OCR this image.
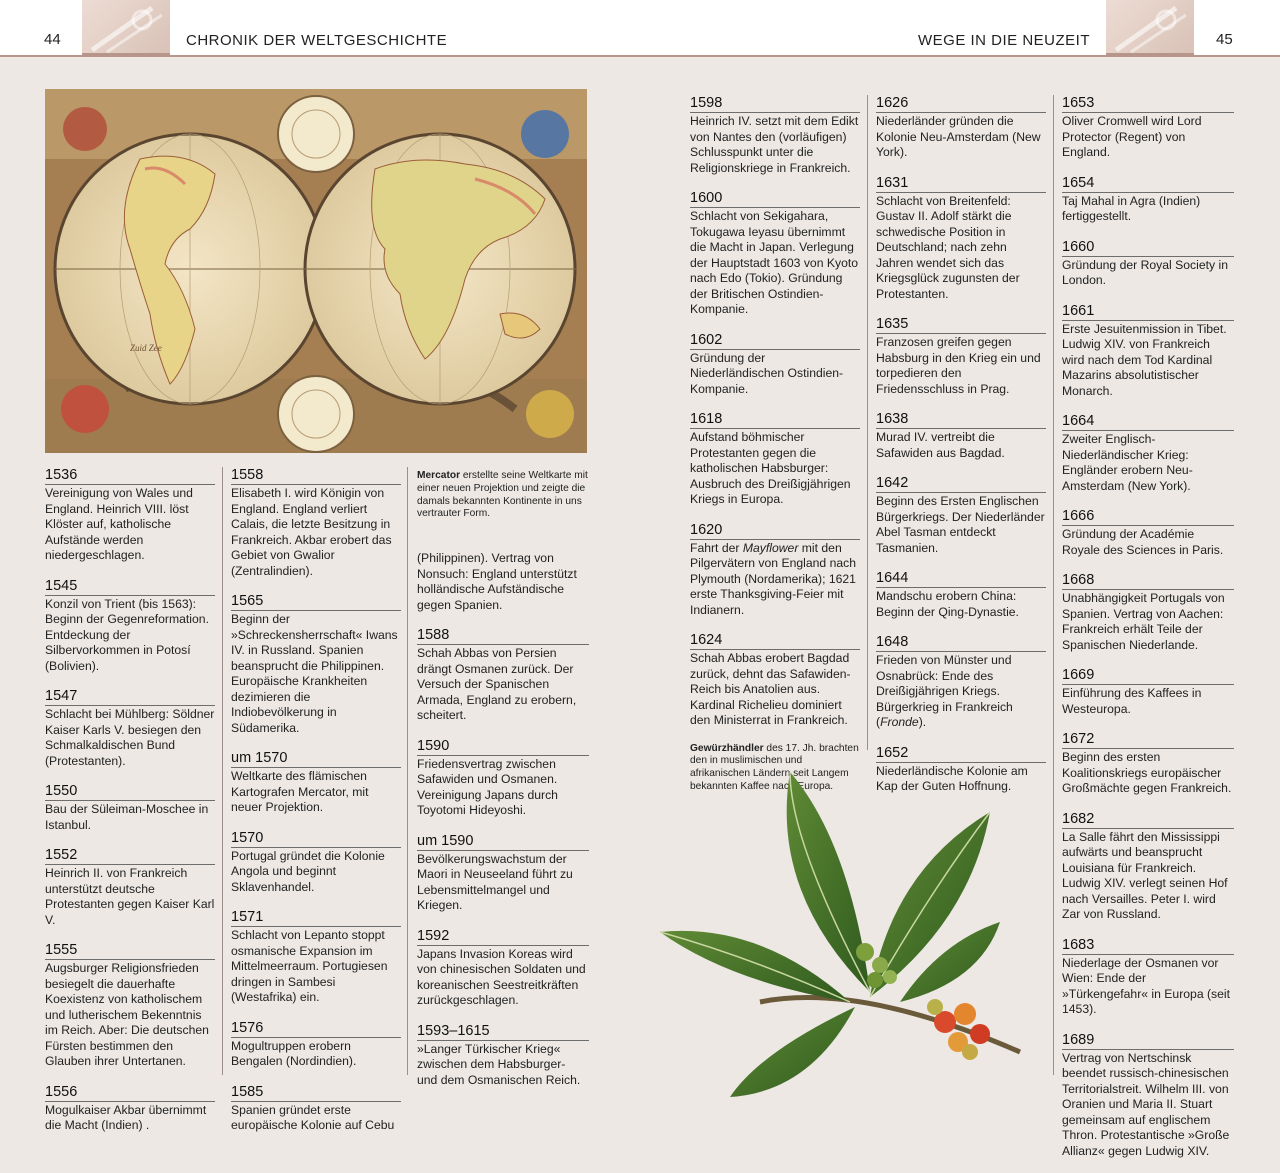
44	CHRONIK DER WELTGESCHICHTE	WEGE IN DIE NEUZEIT	45
Zuid Zee
1536
Vereinigung von Wales und England. Heinrich VIII. löst Klöster auf, katholische Aufstände werden niedergeschlagen.
1545
Konzil von Trient (bis 1563): Beginn der Gegenreformation. Entdeckung der Silbervorkommen in Potosí (Bolivien).
1547
Schlacht bei Mühlberg: Söldner Kaiser Karls V. besiegen den Schmalkaldischen Bund (Protestanten).
1550
Bau der Süleiman-Moschee in Istanbul.
1552
Heinrich II. von Frankreich unterstützt deutsche Protestanten gegen Kaiser Karl V.
1555
Augsburger Religionsfrieden besiegelt die dauerhafte Koexistenz von katholischem und lutherischem Bekenntnis im Reich. Aber: Die deutschen Fürsten bestimmen den Glauben ihrer Untertanen.
1556
Mogulkaiser Akbar übernimmt die Macht (Indien) .
1558
Elisabeth I. wird Königin von England. England verliert Calais, die letzte Besitzung in Frankreich. Akbar erobert das Gebiet von Gwalior (Zentralindien).
1565
Beginn der »Schreckensherrschaft« Iwans IV. in Russland. Spanien beansprucht die Philippinen. Europäische Krankheiten dezimieren die Indiobevölkerung in Südamerika.
um 1570
Weltkarte des flämischen Kartografen Mercator, mit neuer Projektion.
1570
Portugal gründet die Kolonie Angola und beginnt Sklavenhandel.
1571
Schlacht von Lepanto stoppt osmanische Expansion im Mittelmeerraum. Portugiesen dringen in Sambesi (Westafrika) ein.
1576
Mogultruppen erobern Bengalen (Nordindien).
1585
Spanien gründet erste europäische Kolonie auf Cebu
Mercator erstellte seine Weltkarte mit einer neuen Projektion und zeigte die damals bekannten Kontinente in uns vertrauter Form.
(Philippinen). Vertrag von Nonsuch: England unterstützt holländische Aufständische gegen Spanien.
1588
Schah Abbas von Persien drängt Osmanen zurück. Der Versuch der Spanischen Armada, England zu erobern, scheitert.
1590
Friedensvertrag zwischen Safawiden und Osmanen. Vereinigung Japans durch Toyotomi Hideyoshi.
um 1590
Bevölkerungswachstum der Maori in Neuseeland führt zu Lebensmittelmangel und Kriegen.
1592
Japans Invasion Koreas wird von chinesischen Soldaten und koreanischen Seestreitkräften zurückgeschlagen.
1593–1615
»Langer Türkischer Krieg« zwischen dem Habsburger- und dem Osmanischen Reich.
1598
Heinrich IV. setzt mit dem Edikt von Nantes den (vorläufigen) Schlusspunkt unter die Religionskriege in Frankreich.
1600
Schlacht von Sekigahara, Tokugawa Ieyasu übernimmt die Macht in Japan. Verlegung der Hauptstadt 1603 von Kyoto nach Edo (Tokio). Gründung der Britischen Ostindien-Kompanie.
1602
Gründung der Niederländischen Ostindien-Kompanie.
1618
Aufstand böhmischer Protestanten gegen die katholischen Habsburger: Ausbruch des Dreißigjährigen Kriegs in Europa.
1620
Fahrt der Mayflower mit den Pilgervätern von England nach Plymouth (Nordamerika); 1621 erste Thanksgiving-Feier mit Indianern.
1624
Schah Abbas erobert Bagdad zurück, dehnt das Safawiden-Reich bis Anatolien aus. Kardinal Richelieu dominiert den Ministerrat in Frankreich.
Gewürzhändler des 17. Jh. brachten den in muslimischen und afrikanischen Ländern seit Langem bekannten Kaffee nach Europa.
1626
Niederländer gründen die Kolonie Neu-Amsterdam (New York).
1631
Schlacht von Breitenfeld: Gustav II. Adolf stärkt die schwedische Position in Deutschland; nach zehn Jahren wendet sich das Kriegsglück zugunsten der Protestanten.
1635
Franzosen greifen gegen Habsburg in den Krieg ein und torpedieren den Friedensschluss in Prag.
1638
Murad IV. vertreibt die Safawiden aus Bagdad.
1642
Beginn des Ersten Englischen Bürgerkriegs. Der Niederländer Abel Tasman entdeckt Tasmanien.
1644
Mandschu erobern China: Beginn der Qing-Dynastie.
1648
Frieden von Münster und Osnabrück: Ende des Dreißigjährigen Kriegs. Bürgerkrieg in Frankreich (Fronde).
1652
Niederländische Kolonie am Kap der Guten Hoffnung.
1653
Oliver Cromwell wird Lord Protector (Regent) von England.
1654
Taj Mahal in Agra (Indien) fertiggestellt.
1660
Gründung der Royal Society in London.
1661
Erste Jesuitenmission in Tibet. Ludwig XIV. von Frankreich wird nach dem Tod Kardinal Mazarins absolutistischer Monarch.
1664
Zweiter Englisch-Niederländischer Krieg: Engländer erobern Neu-Amsterdam (New York).
1666
Gründung der Académie Royale des Sciences in Paris.
1668
Unabhängigkeit Portugals von Spanien. Vertrag von Aachen: Frankreich erhält Teile der Spanischen Niederlande.
1669
Einführung des Kaffees in Westeuropa.
1672
Beginn des ersten Koalitionskriegs europäischer Großmächte gegen Frankreich.
1682
La Salle fährt den Mississippi aufwärts und beansprucht Louisiana für Frankreich. Ludwig XIV. verlegt seinen Hof nach Versailles. Peter I. wird Zar von Russland.
1683
Niederlage der Osmanen vor Wien: Ende der »Türkengefahr« in Europa (seit 1453).
1689
Vertrag von Nertschinsk beendet russisch-chinesischen Territorialstreit. Wilhelm III. von Oranien und Maria II. Stuart gemeinsam auf englischem Thron. Protestantische »Große Allianz« gegen Ludwig XIV.
